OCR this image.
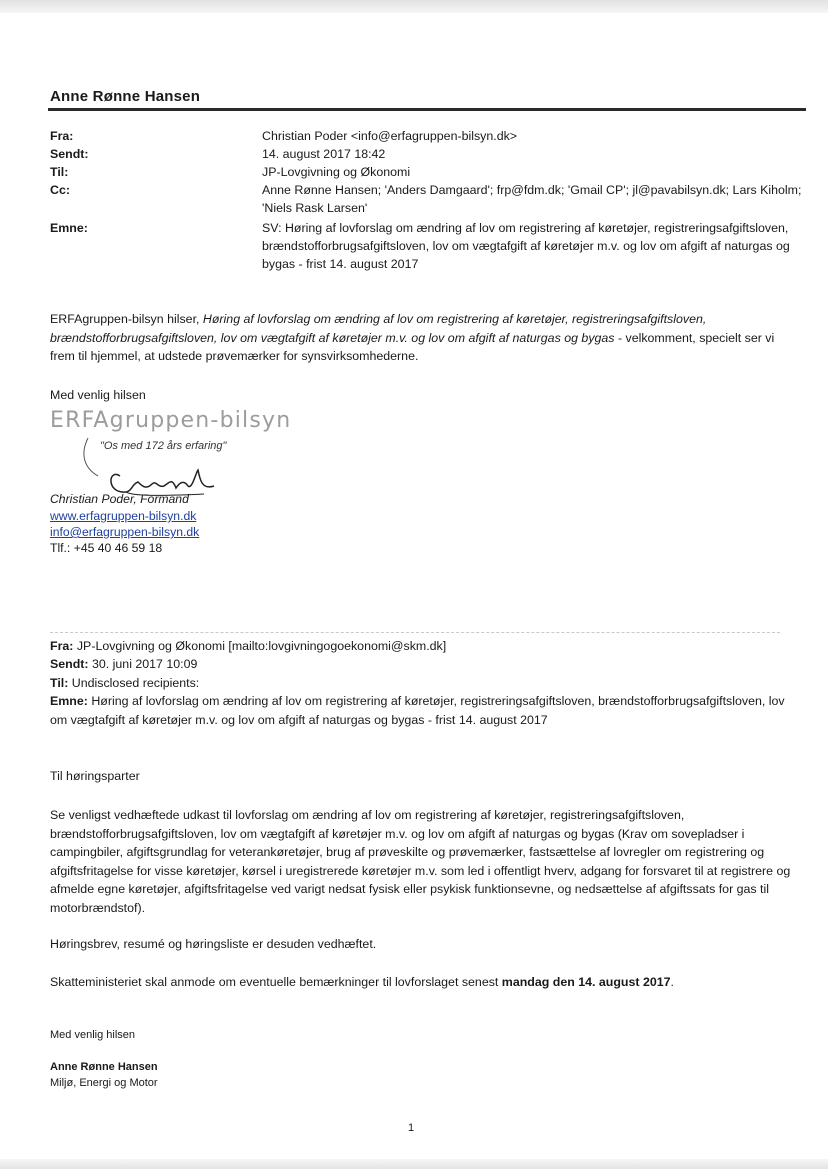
Anne Rønne Hansen
Fra:	Christian Poder <info@erfagruppen-bilsyn.dk>
Sendt:	14. august 2017 18:42
Til:	JP-Lovgivning og Økonomi
Cc:	Anne Rønne Hansen; 'Anders Damgaard'; frp@fdm.dk; 'Gmail CP'; jl@pavabilsyn.dk; Lars Kiholm; 'Niels Rask Larsen'
Emne:	SV: Høring af lovforslag om ændring af lov om registrering af køretøjer, registreringsafgiftsloven, brændstofforbrugsafgiftsloven, lov om vægtafgift af køretøjer m.v. og lov om afgift af naturgas og bygas - frist 14. august 2017
ERFAgruppen-bilsyn hilser, Høring af lovforslag om ændring af lov om registrering af køretøjer, registreringsafgiftsloven, brændstofforbrugsafgiftsloven, lov om vægtafgift af køretøjer m.v. og lov om afgift af naturgas og bygas - velkomment, specielt ser vi frem til hjemmel, at udstede prøvemærker for synsvirksomhederne.
Med venlig hilsen
ERFAgruppen-bilsyn
"Os med 172 års erfaring"
Christian Poder, Formand
www.erfagruppen-bilsyn.dk
info@erfagruppen-bilsyn.dk
Tlf.: +45 40 46 59 18
Fra: JP-Lovgivning og Økonomi [mailto:lovgivningogoekonomi@skm.dk]
Sendt: 30. juni 2017 10:09
Til: Undisclosed recipients:
Emne: Høring af lovforslag om ændring af lov om registrering af køretøjer, registreringsafgiftsloven, brændstofforbrugsafgiftsloven, lov om vægtafgift af køretøjer m.v. og lov om afgift af naturgas og bygas - frist 14. august 2017
Til høringsparter
Se venligst vedhæftede udkast til lovforslag om ændring af lov om registrering af køretøjer, registreringsafgiftsloven, brændstofforbrugsafgiftsloven, lov om vægtafgift af køretøjer m.v. og lov om afgift af naturgas og bygas (Krav om sovepladser i campingbiler, afgiftsgrundlag for veterankøretøjer, brug af prøveskilte og prøvemærker, fastsættelse af lovregler om registrering og afgiftsfritagelse for visse køretøjer, kørsel i uregistrerede køretøjer m.v. som led i offentligt hverv, adgang for forsvaret til at registrere og afmelde egne køretøjer, afgiftsfritagelse ved varigt nedsat fysisk eller psykisk funktionsevne, og nedsættelse af afgiftssats for gas til motorbrændstof).
Høringsbrev, resumé og høringsliste er desuden vedhæftet.
Skatteministeriet skal anmode om eventuelle bemærkninger til lovforslaget senest mandag den 14. august 2017.
Med venlig hilsen
Anne Rønne Hansen
Miljø, Energi og Motor
1
